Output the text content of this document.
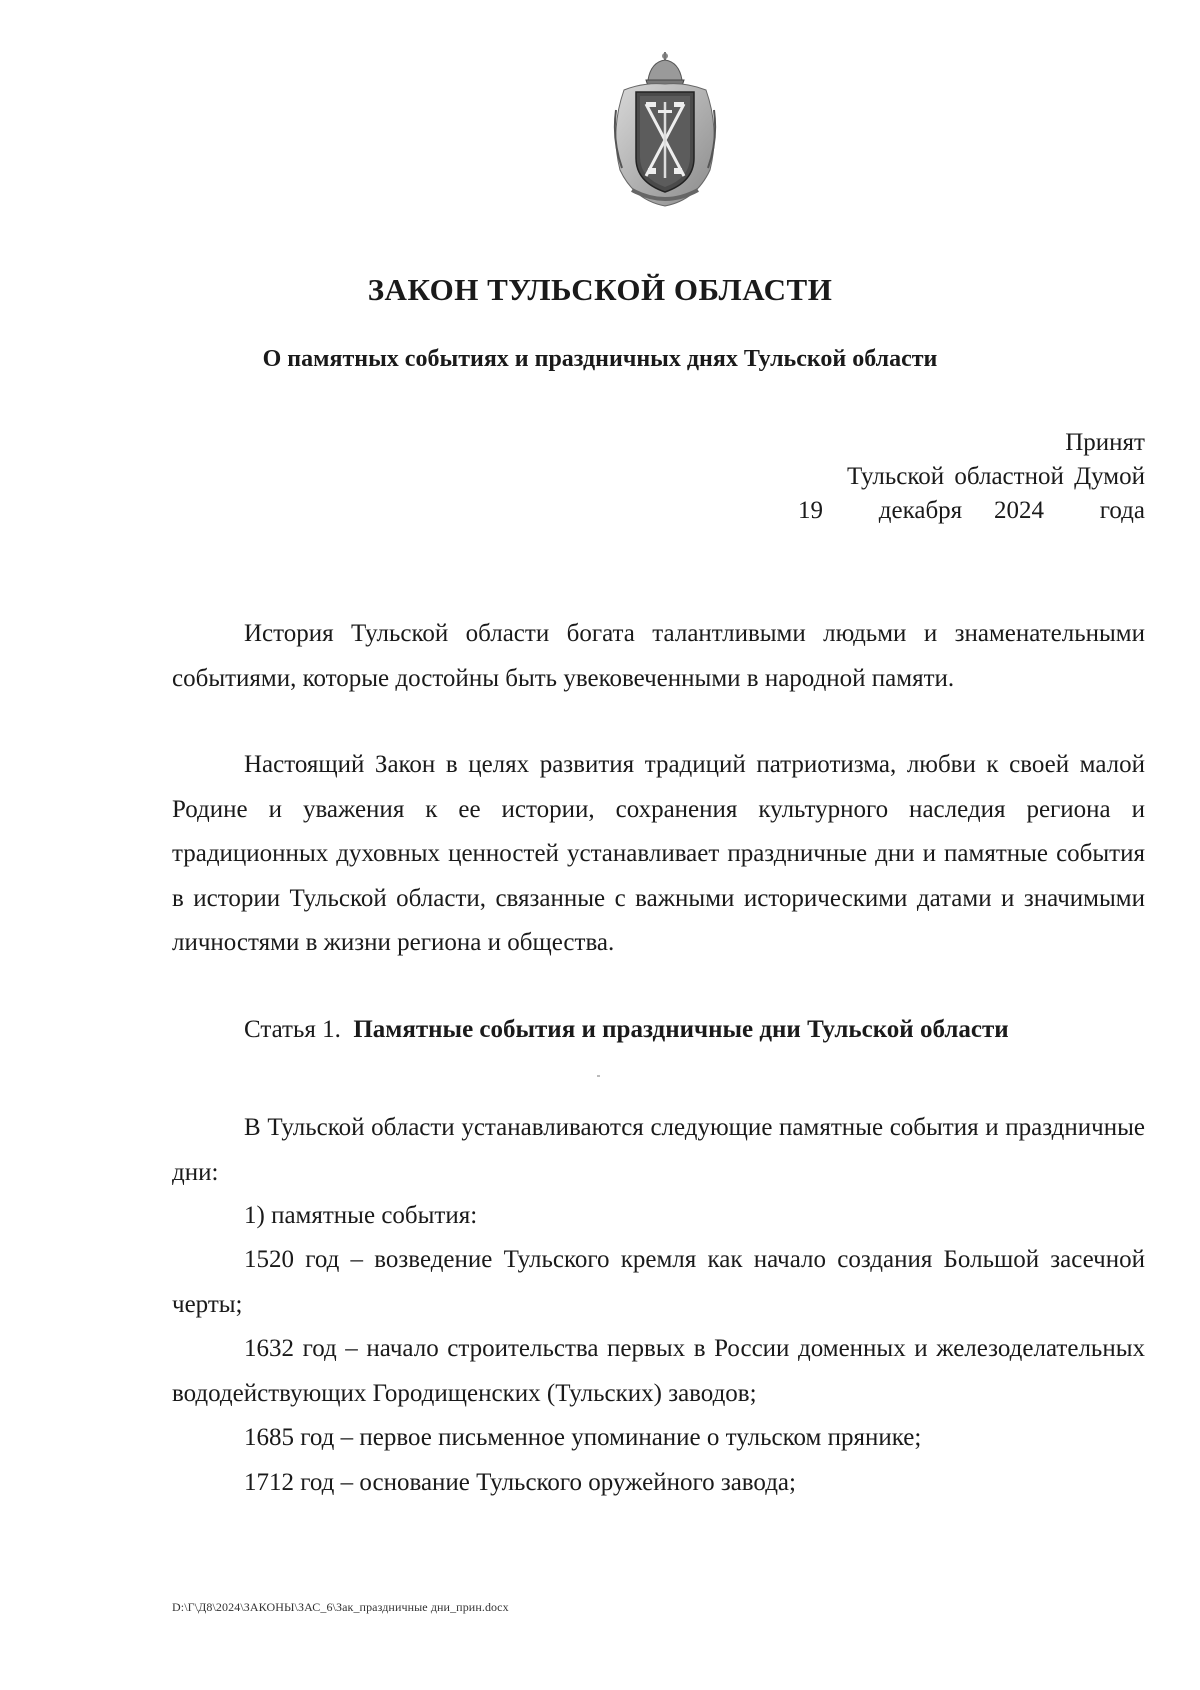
ЗАКОН ТУЛЬСКОЙ ОБЛАСТИ
О памятных событиях и праздничных днях Тульской области
Принят
Тульской областной Думой
19 декабря 2024 года

История Тульской области богата талантливыми людьми и знаменательными событиями, которые достойны быть увековеченными в народной памяти.

Настоящий Закон в целях развития традиций патриотизма, любви к своей малой Родине и уважения к ее истории, сохранения культурного наследия региона и традиционных духовных ценностей устанавливает праздничные дни и памятные события в истории Тульской области, связанные с важными историческими датами и значимыми личностями в жизни региона и общества.

Статья 1. Памятные события и праздничные дни Тульской области

В Тульской области устанавливаются следующие памятные события и праздничные дни:

1) памятные события:

1520 год – возведение Тульского кремля как начало создания Большой засечной черты;

1632 год – начало строительства первых в России доменных и железоделательных вододействующих Городищенских (Тульских) заводов;

1685 год – первое письменное упоминание о тульском прянике;

1712 год – основание Тульского оружейного завода;

D:\Г\Д8\2024\ЗАКОНЫ\ЗАС_6\Зак_праздничные дни_прин.docx
